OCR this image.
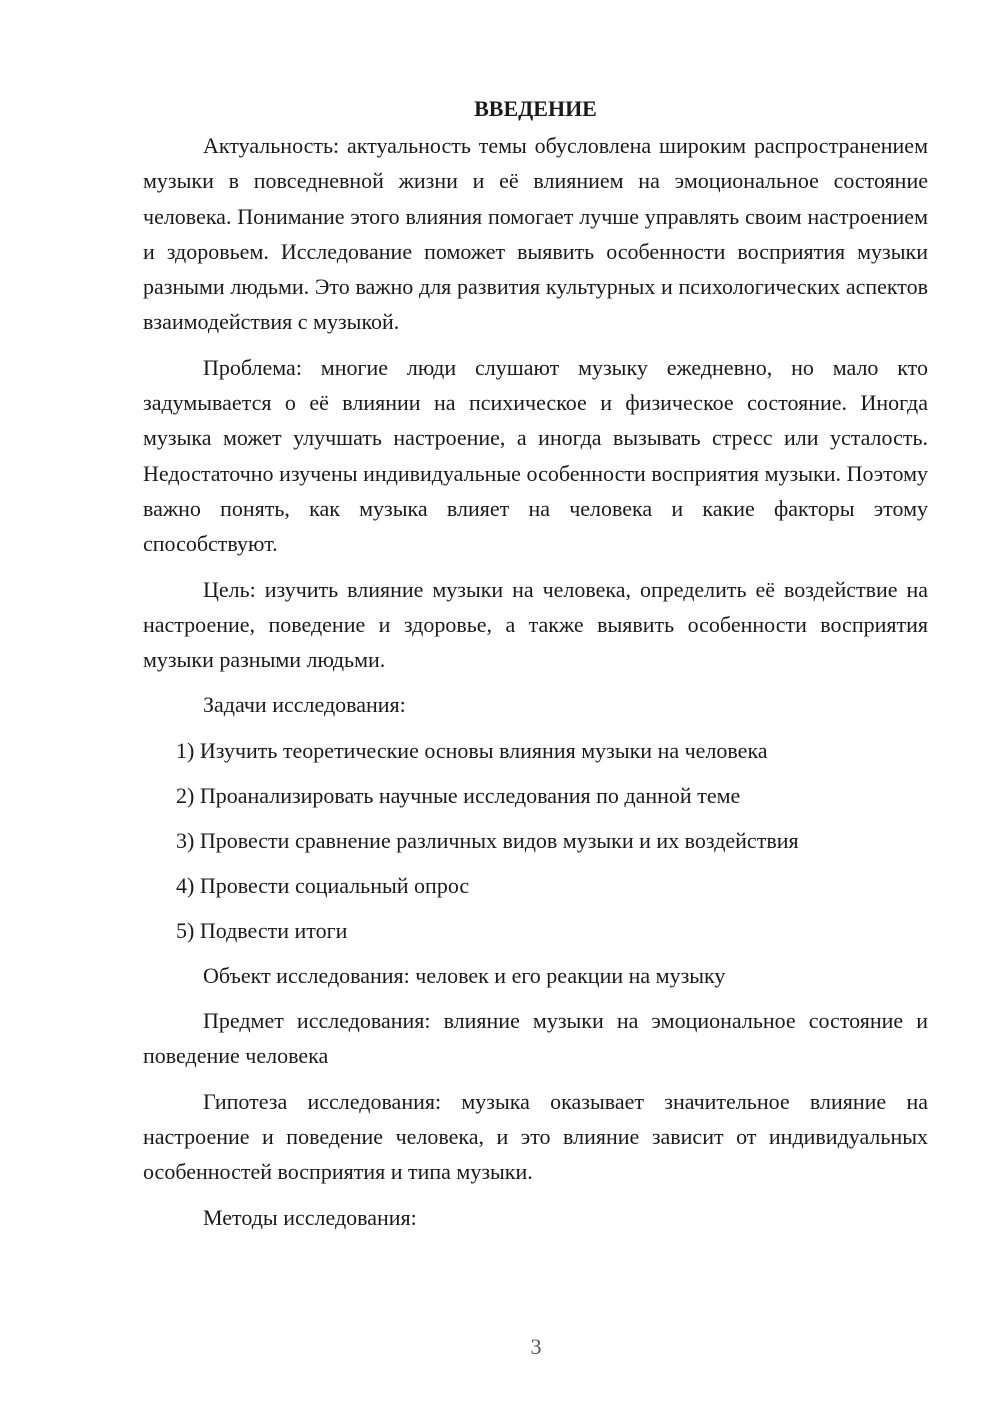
ВВЕДЕНИЕ

Актуальность: актуальность темы обусловлена широким распространением музыки в повседневной жизни и её влиянием на эмоциональное состояние человека. Понимание этого влияния помогает лучше управлять своим настроением и здоровьем. Исследование поможет выявить особенности восприятия музыки разными людьми. Это важно для развития культурных и психологических аспектов взаимодействия с музыкой.

Проблема: многие люди слушают музыку ежедневно, но мало кто задумывается о её влиянии на психическое и физическое состояние. Иногда музыка может улучшать настроение, а иногда вызывать стресс или усталость. Недостаточно изучены индивидуальные особенности восприятия музыки. Поэтому важно понять, как музыка влияет на человека и какие факторы этому способствуют.

Цель: изучить влияние музыки на человека, определить её воздействие на настроение, поведение и здоровье, а также выявить особенности восприятия музыки разными людьми.

Задачи исследования:

1) Изучить теоретические основы влияния музыки на человека
2) Проанализировать научные исследования по данной теме
3) Провести сравнение различных видов музыки и их воздействия
4) Провести социальный опрос
5) Подвести итоги

Объект исследования: человек и его реакции на музыку

Предмет исследования: влияние музыки на эмоциональное состояние и поведение человека

Гипотеза исследования: музыка оказывает значительное влияние на настроение и поведение человека, и это влияние зависит от индивидуальных особенностей восприятия и типа музыки.

Методы исследования:

3
